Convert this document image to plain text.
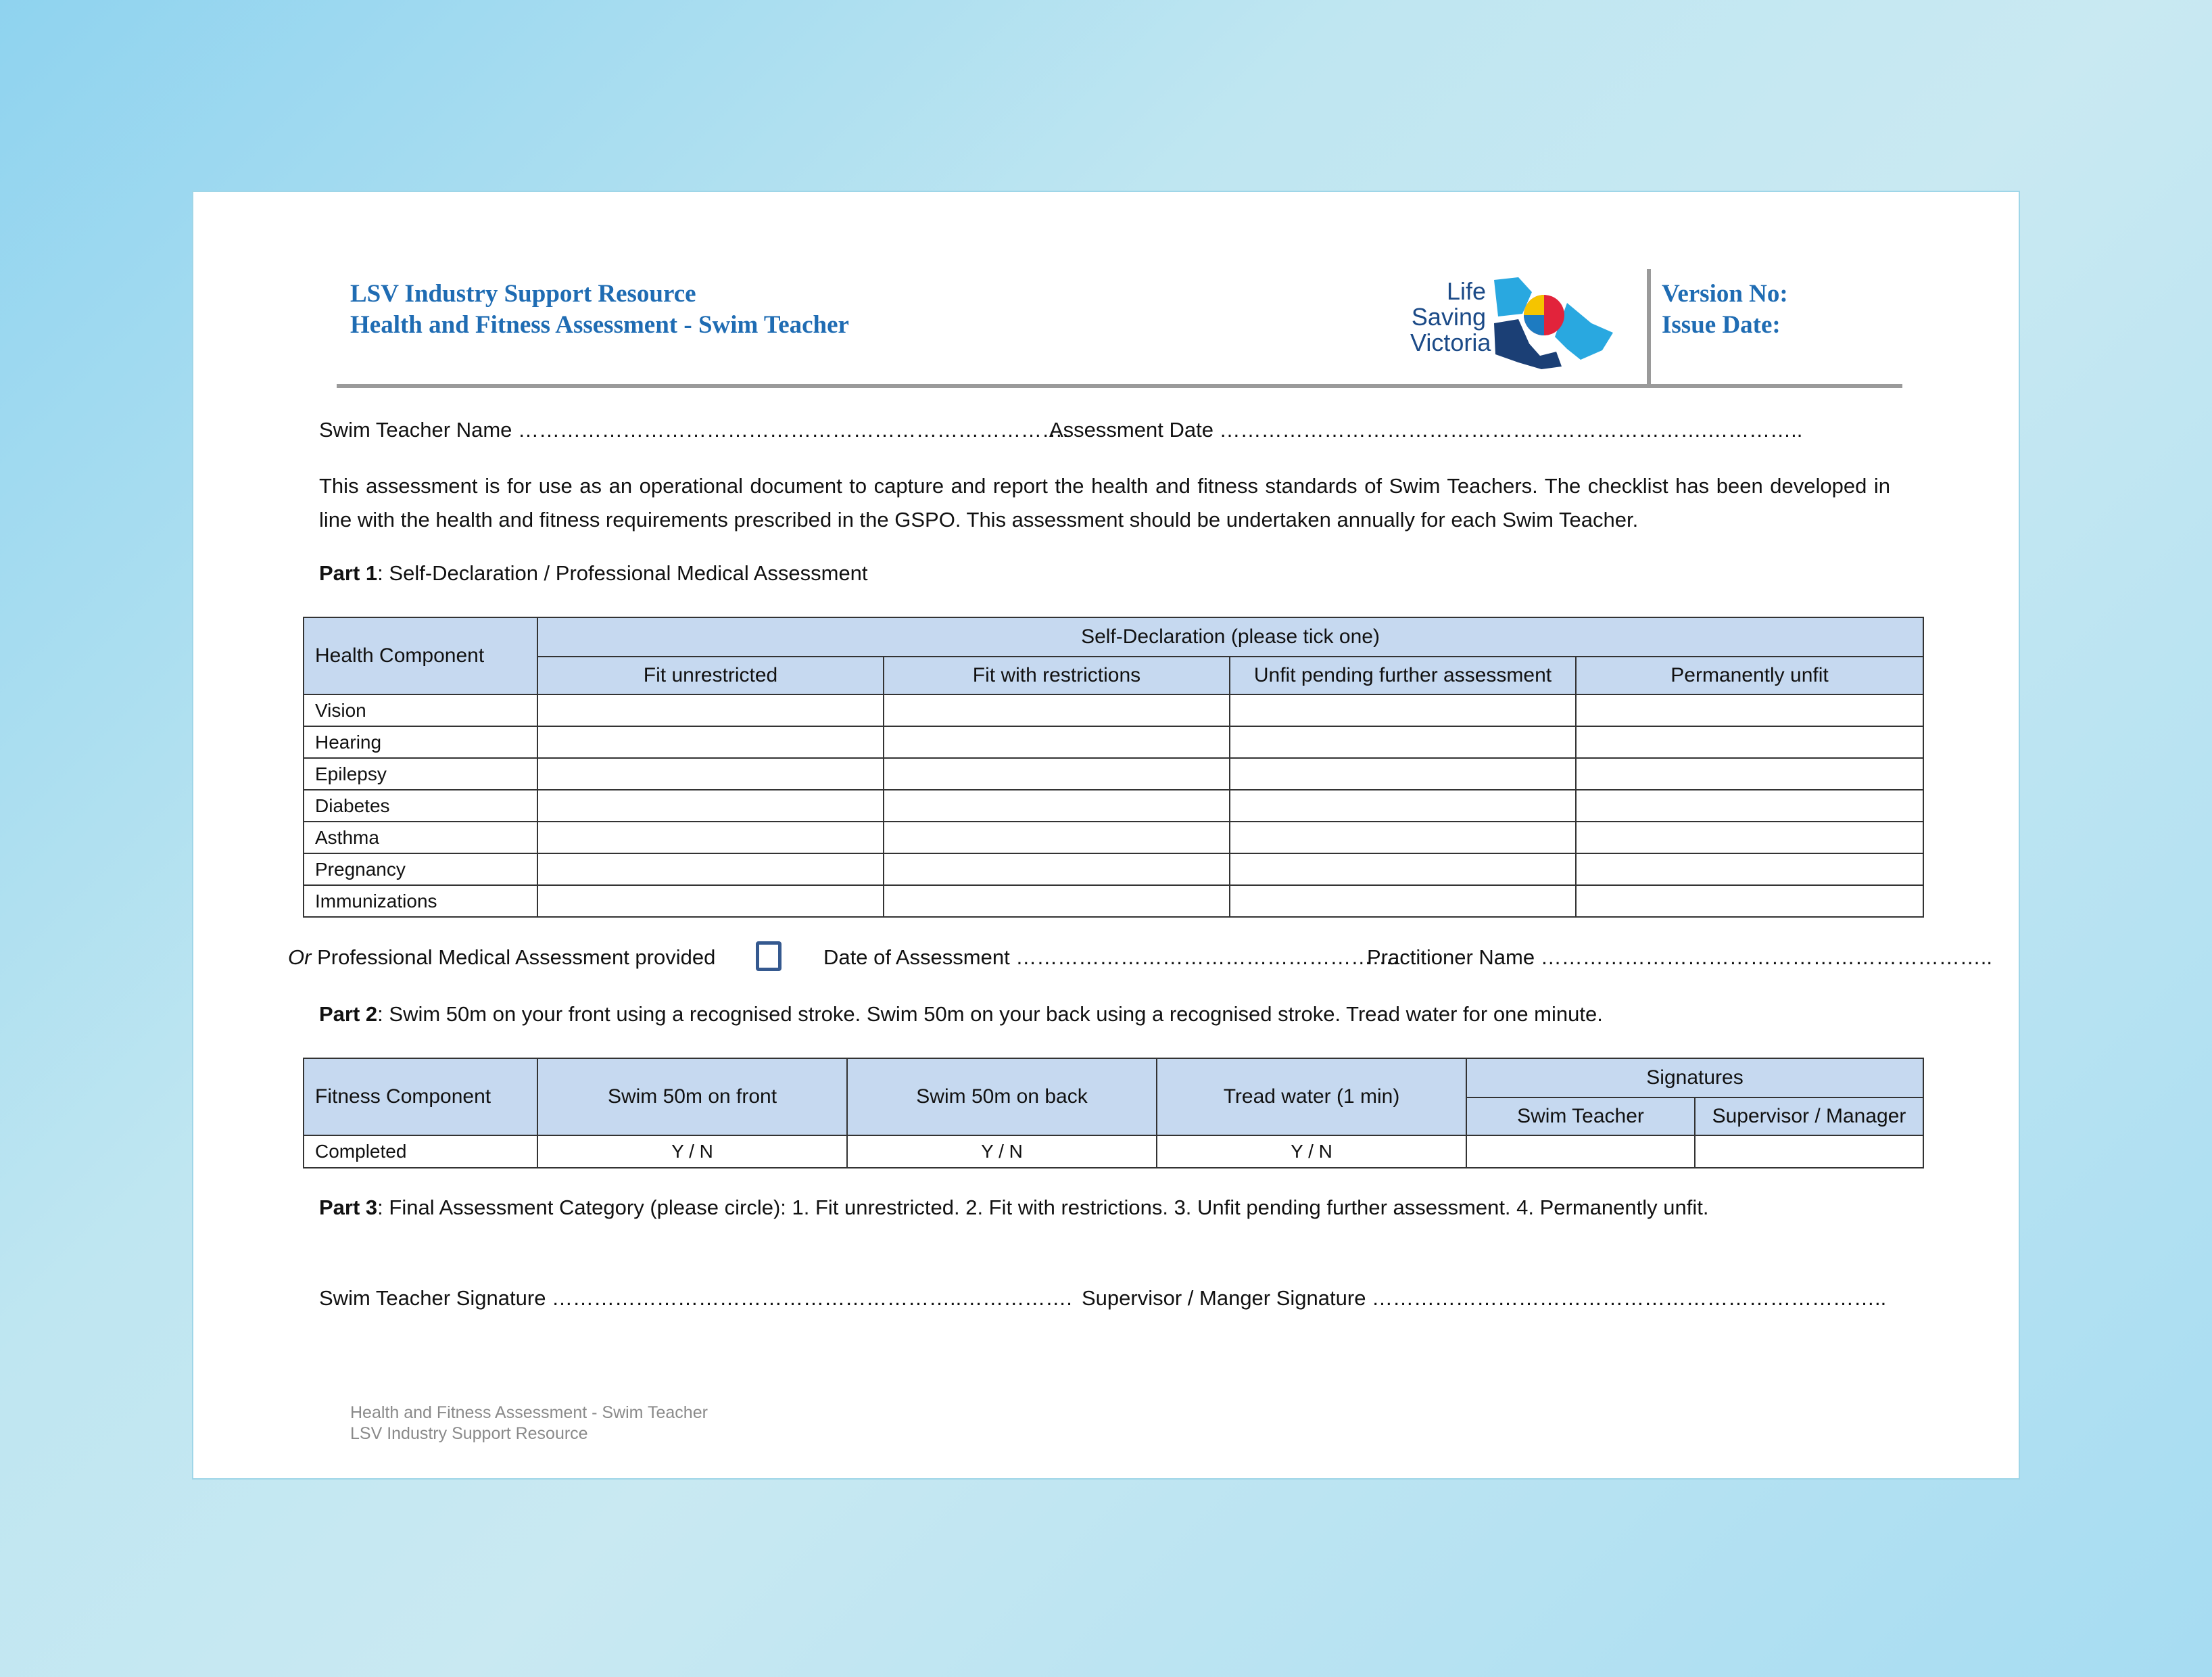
LSV Industry Support Resource
Health and Fitness Assessment - Swim Teacher
Life
Saving
Victoria
Version No:
Issue Date:
Swim Teacher Name …………………………………………………………………….
Assessment Date …………………………………………………………….…………..
This assessment is for use as an operational document to capture and report the health and fitness standards of Swim Teachers. The checklist has been developed in line with the health and fitness requirements prescribed in the GSPO. This assessment should be undertaken annually for each Swim Teacher.
Part 1: Self-Declaration / Professional Medical Assessment
Health Component	Self-Declaration (please tick one)			
	Fit unrestricted	Fit with restrictions	Unfit pending further assessment	Permanently unfit
Vision				
Hearing				
Epilepsy				
Diabetes				
Asthma				
Pregnancy				
Immunizations				
Or Professional Medical Assessment provided	Date of Assessment ……………………………………………….
Practitioner Name ………………………………………………………..
Part 2: Swim 50m on your front using a recognised stroke. Swim 50m on your back using a recognised stroke. Tread water for one minute.
Fitness Component	Swim 50m on front	Swim 50m on back	Tread water (1 min)	Signatures	
				Swim Teacher	Supervisor / Manager
Completed	Y / N	Y / N	Y / N		
Part 3: Final Assessment Category (please circle): 1. Fit unrestricted. 2. Fit with restrictions. 3. Unfit pending further assessment. 4. Permanently unfit.
Swim Teacher Signature …………………………………………………..……………. Supervisor / Manger Signature ………………………………………………………………..
Health and Fitness Assessment - Swim Teacher
LSV Industry Support Resource
